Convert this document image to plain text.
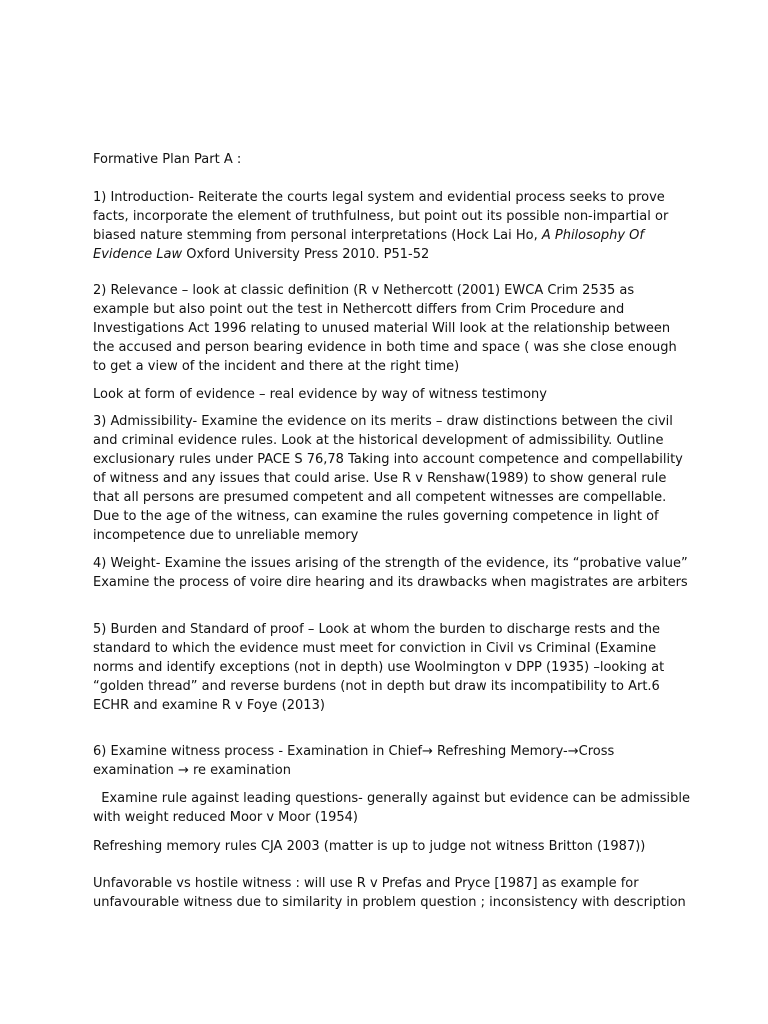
Formative Plan Part A :

1) Introduction- Reiterate the courts legal system and evidential process seeks to prove facts, incorporate the element of truthfulness, but point out its possible non-impartial or biased nature stemming from personal interpretations (Hock Lai Ho, A Philosophy Of Evidence Law Oxford University Press 2010. P51-52

2) Relevance – look at classic definition (R v Nethercott (2001) EWCA Crim 2535 as example but also point out the test in Nethercott differs from Crim Procedure and Investigations Act 1996 relating to unused material Will look at the relationship between the accused and person bearing evidence in both time and space ( was she close enough to get a view of the incident and there at the right time)

Look at form of evidence – real evidence by way of witness testimony

3) Admissibility- Examine the evidence on its merits – draw distinctions between the civil and criminal evidence rules. Look at the historical development of admissibility. Outline exclusionary rules under PACE S 76,78 Taking into account competence and compellability of witness and any issues that could arise. Use R v Renshaw(1989) to show general rule that all persons are presumed competent and all competent witnesses are compellable. Due to the age of the witness, can examine the rules governing competence in light of incompetence due to unreliable memory

4) Weight- Examine the issues arising of the strength of the evidence, its “probative value” Examine the process of voire dire hearing and its drawbacks when magistrates are arbiters

5) Burden and Standard of proof – Look at whom the burden to discharge rests and the standard to which the evidence must meet for conviction in Civil vs Criminal (Examine norms and identify exceptions (not in depth) use Woolmington v DPP (1935) –looking at “golden thread” and reverse burdens (not in depth but draw its incompatibility to Art.6 ECHR and examine R v Foye (2013)

6) Examine witness process - Examination in Chief→ Refreshing Memory-→Cross examination → re examination

Examine rule against leading questions- generally against but evidence can be admissible with weight reduced Moor v Moor (1954)

Refreshing memory rules CJA 2003 (matter is up to judge not witness Britton (1987))

Unfavorable vs hostile witness : will use R v Prefas and Pryce [1987] as example for unfavourable witness due to similarity in problem question ; inconsistency with description
